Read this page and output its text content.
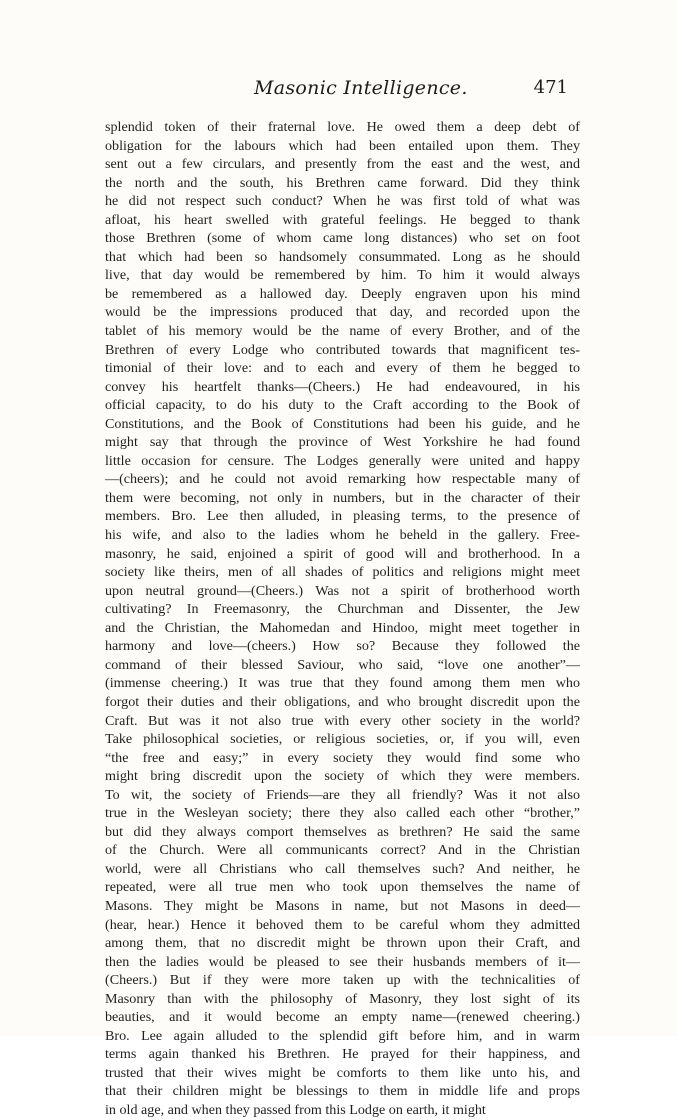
Masonic Intelligence.	471
splendid token of their fraternal love. He owed them a deep debt of
obligation for the labours which had been entailed upon them. They
sent out a few circulars, and presently from the east and the west, and
the north and the south, his Brethren came forward. Did they think
he did not respect such conduct? When he was first told of what was
afloat, his heart swelled with grateful feelings. He begged to thank
those Brethren (some of whom came long distances) who set on foot
that which had been so handsomely consummated. Long as he should
live, that day would be remembered by him. To him it would always
be remembered as a hallowed day. Deeply engraven upon his mind
would be the impressions produced that day, and recorded upon the
tablet of his memory would be the name of every Brother, and of the
Brethren of every Lodge who contributed towards that magnificent tes-
timonial of their love: and to each and every of them he begged to
convey his heartfelt thanks—(Cheers.) He had endeavoured, in his
official capacity, to do his duty to the Craft according to the Book of
Constitutions, and the Book of Constitutions had been his guide, and he
might say that through the province of West Yorkshire he had found
little occasion for censure. The Lodges generally were united and happy
—(cheers); and he could not avoid remarking how respectable many of
them were becoming, not only in numbers, but in the character of their
members. Bro. Lee then alluded, in pleasing terms, to the presence of
his wife, and also to the ladies whom he beheld in the gallery. Free-
masonry, he said, enjoined a spirit of good will and brotherhood. In a
society like theirs, men of all shades of politics and religions might meet
upon neutral ground—(Cheers.) Was not a spirit of brotherhood worth
cultivating? In Freemasonry, the Churchman and Dissenter, the Jew
and the Christian, the Mahomedan and Hindoo, might meet together in
harmony and love—(cheers.) How so? Because they followed the
command of their blessed Saviour, who said, “love one another”—
(immense cheering.) It was true that they found among them men who
forgot their duties and their obligations, and who brought discredit upon the
Craft. But was it not also true with every other society in the world?
Take philosophical societies, or religious societies, or, if you will, even
“the free and easy;” in every society they would find some who
might bring discredit upon the society of which they were members.
To wit, the society of Friends—are they all friendly? Was it not also
true in the Wesleyan society; there they also called each other “brother,”
but did they always comport themselves as brethren? He said the same
of the Church. Were all communicants correct? And in the Christian
world, were all Christians who call themselves such? And neither, he
repeated, were all true men who took upon themselves the name of
Masons. They might be Masons in name, but not Masons in deed—
(hear, hear.) Hence it behoved them to be careful whom they admitted
among them, that no discredit might be thrown upon their Craft, and
then the ladies would be pleased to see their husbands members of it—
(Cheers.) But if they were more taken up with the technicalities of
Masonry than with the philosophy of Masonry, they lost sight of its
beauties, and it would become an empty name—(renewed cheering.)
Bro. Lee again alluded to the splendid gift before him, and in warm
terms again thanked his Brethren. He prayed for their happiness, and
trusted that their wives might be comforts to them like unto his, and
that their children might be blessings to them in middle life and props
in old age, and when they passed from this Lodge on earth, it might
